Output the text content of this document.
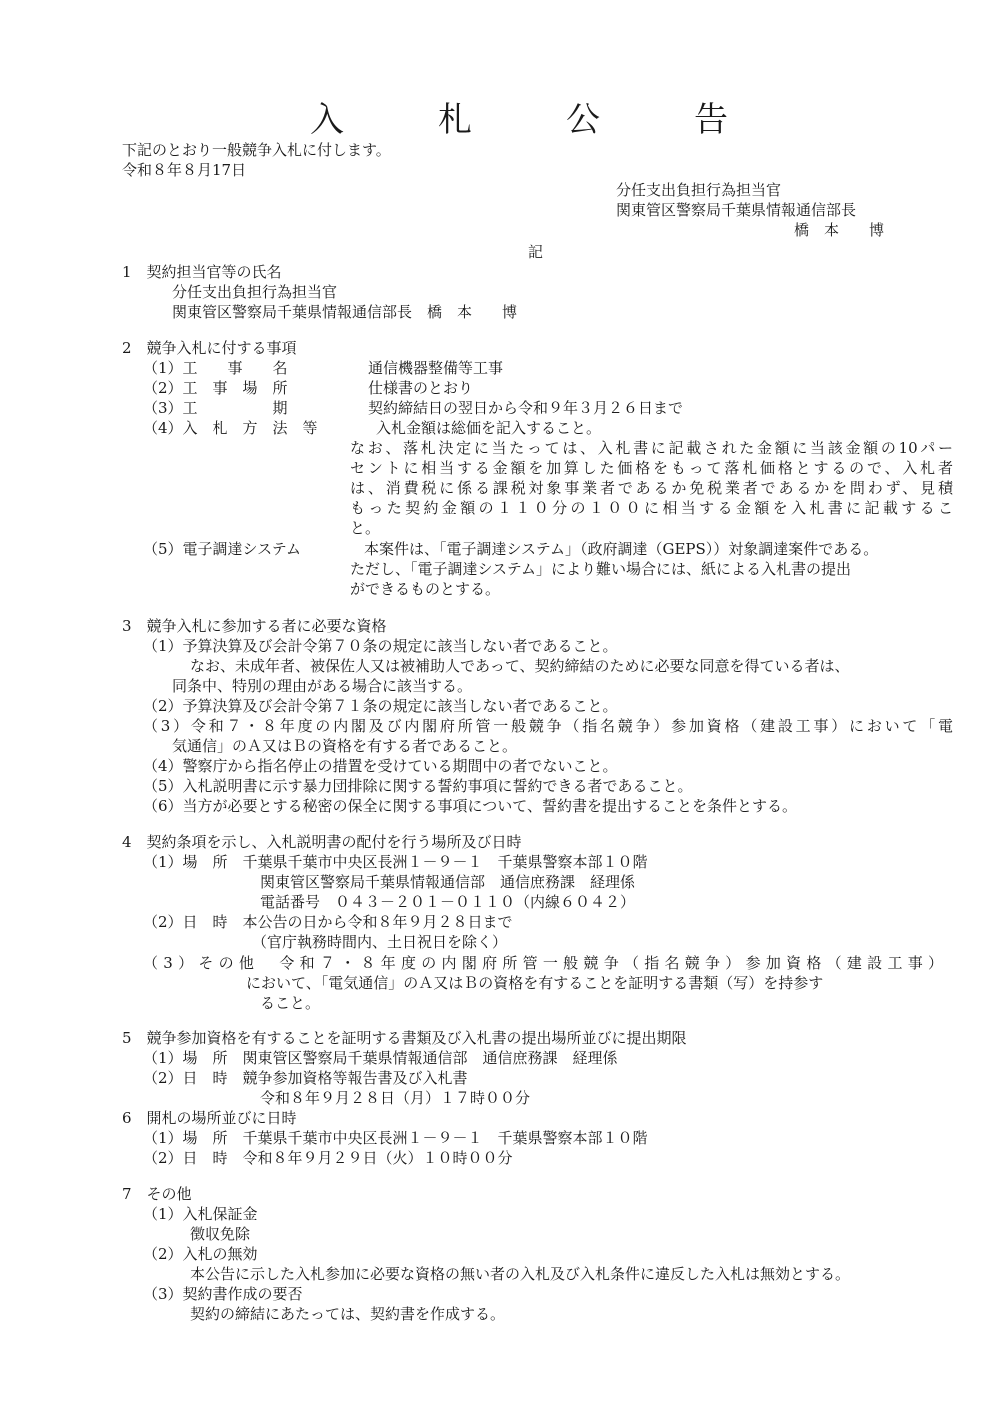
入　札　公　告
下記のとおり一般競争入札に付します。
令和８年８月17日
分任支出負担行為担当官
関東管区警察局千葉県情報通信部長
橋　本　　博
記
1　契約担当官等の氏名
分任支出負担行為担当官
関東管区警察局千葉県情報通信部長　橋　本　　博
2　競争入札に付する事項
（1）工　　事　　名	通信機器整備等工事
（2）工　事　場　所	仕様書のとおり
（3）工　　　　　期	契約締結日の翌日から令和９年３月２６日まで
（4）入　札　方　法　等	入札金額は総価を記入すること。
なお、落札決定に当たっては、入札書に記載された金額に当該金額の10パー
セントに相当する金額を加算した価格をもって落札価格とするので、入札者
は、消費税に係る課税対象事業者であるか免税業者であるかを問わず、見積
もった契約金額の１１０分の１００に相当する金額を入札書に記載するこ
と。
（5）電子調達システム	本案件は、「電子調達システム」（政府調達（GEPS））対象調達案件である。
ただし、「電子調達システム」により難い場合には、紙による入札書の提出
ができるものとする。
3　競争入札に参加する者に必要な資格
（1）予算決算及び会計令第７０条の規定に該当しない者であること。
なお、未成年者、被保佐人又は被補助人であって、契約締結のために必要な同意を得ている者は、
同条中、特別の理由がある場合に該当する。
（2）予算決算及び会計令第７１条の規定に該当しない者であること。
（3）令和７・８年度の内閣及び内閣府所管一般競争（指名競争）参加資格（建設工事）において「電
気通信」のＡ又はＢの資格を有する者であること。
（4）警察庁から指名停止の措置を受けている期間中の者でないこと。
（5）入札説明書に示す暴力団排除に関する誓約事項に誓約できる者であること。
（6）当方が必要とする秘密の保全に関する事項について、誓約書を提出することを条件とする。
4　契約条項を示し、入札説明書の配付を行う場所及び日時
（1）場　所　千葉県千葉市中央区長洲１－９－１　千葉県警察本部１０階
関東管区警察局千葉県情報通信部　通信庶務課　経理係
電話番号　０４３－２０１－０１１０（内線６０４２）
（2）日　時　本公告の日から令和８年９月２８日まで
（官庁執務時間内、土日祝日を除く）
（3）その他　令和７・８年度の内閣府所管一般競争（指名競争）参加資格（建設工事）
において、「電気通信」のＡ又はＢの資格を有することを証明する書類（写）を持参す
ること。
5　競争参加資格を有することを証明する書類及び入札書の提出場所並びに提出期限
（1）場　所　関東管区警察局千葉県情報通信部　通信庶務課　経理係
（2）日　時　競争参加資格等報告書及び入札書
令和８年９月２８日（月）１７時００分
6　開札の場所並びに日時
（1）場　所　千葉県千葉市中央区長洲１－９－１　千葉県警察本部１０階
（2）日　時　令和８年９月２９日（火）１０時００分
7　その他
（1）入札保証金
徴収免除
（2）入札の無効
本公告に示した入札参加に必要な資格の無い者の入札及び入札条件に違反した入札は無効とする。
（3）契約書作成の要否
契約の締結にあたっては、契約書を作成する。
